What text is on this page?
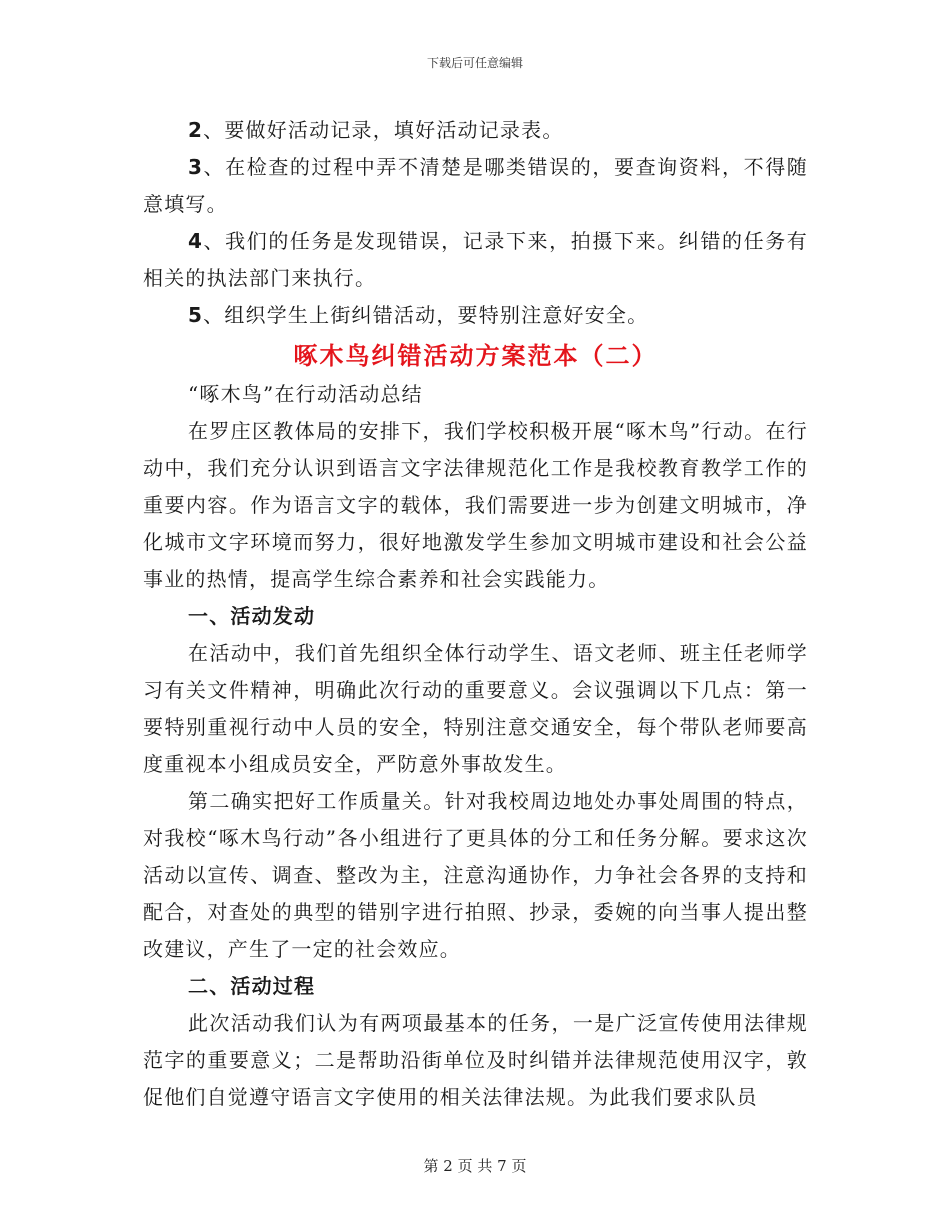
下载后可任意编辑

2、要做好活动记录，填好活动记录表。

3、在检查的过程中弄不清楚是哪类错误的，要查询资料，不得随意填写。

4、我们的任务是发现错误，记录下来，拍摄下来。纠错的任务有相关的执法部门来执行。

5、组织学生上街纠错活动，要特别注意好安全。

啄木鸟纠错活动方案范本（二）

“啄木鸟”在行动活动总结

在罗庄区教体局的安排下，我们学校积极开展“啄木鸟”行动。在行动中，我们充分认识到语言文字法律规范化工作是我校教育教学工作的重要内容。作为语言文字的载体，我们需要进一步为创建文明城市，净化城市文字环境而努力，很好地激发学生参加文明城市建设和社会公益事业的热情，提高学生综合素养和社会实践能力。

一、活动发动

在活动中，我们首先组织全体行动学生、语文老师、班主任老师学习有关文件精神，明确此次行动的重要意义。会议强调以下几点：第一要特别重视行动中人员的安全，特别注意交通安全，每个带队老师要高度重视本小组成员安全，严防意外事故发生。

第二确实把好工作质量关。针对我校周边地处办事处周围的特点，对我校“啄木鸟行动”各小组进行了更具体的分工和任务分解。要求这次活动以宣传、调查、整改为主，注意沟通协作，力争社会各界的支持和配合，对查处的典型的错别字进行拍照、抄录，委婉的向当事人提出整改建议，产生了一定的社会效应。

二、活动过程

此次活动我们认为有两项最基本的任务，一是广泛宣传使用法律规范字的重要意义；二是帮助沿街单位及时纠错并法律规范使用汉字，敦促他们自觉遵守语言文字使用的相关法律法规。为此我们要求队员

第 2 页 共 7 页
